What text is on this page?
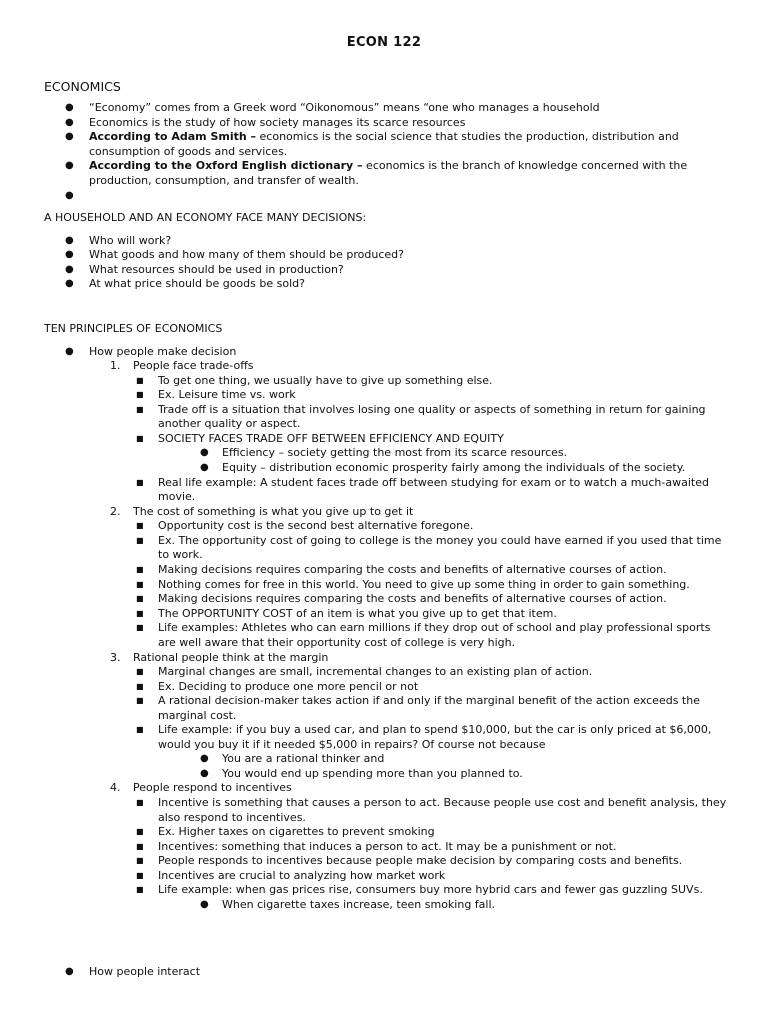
ECON 122
ECONOMICS
● “Economy” comes from a Greek word “Oikonomous” means “one who manages a household
● Economics is the study of how society manages its scarce resources
● According to Adam Smith – economics is the social science that studies the production, distribution and
consumption of goods and services.
● According to the Oxford English dictionary – economics is the branch of knowledge concerned with the
production, consumption, and transfer of wealth.
●
A HOUSEHOLD AND AN ECONOMY FACE MANY DECISIONS:
● Who will work?
● What goods and how many of them should be produced?
● What resources should be used in production?
● At what price should be goods be sold?
TEN PRINCIPLES OF ECONOMICS
● How people make decision
1. People face trade-offs
■ To get one thing, we usually have to give up something else.
■ Ex. Leisure time vs. work
■ Trade off is a situation that involves losing one quality or aspects of something in return for gaining
another quality or aspect.
■ SOCIETY FACES TRADE OFF BETWEEN EFFICIENCY AND EQUITY
● Efficiency – society getting the most from its scarce resources.
● Equity – distribution economic prosperity fairly among the individuals of the society.
■ Real life example: A student faces trade off between studying for exam or to watch a much-awaited
movie.
2. The cost of something is what you give up to get it
■ Opportunity cost is the second best alternative foregone.
■ Ex. The opportunity cost of going to college is the money you could have earned if you used that time
to work.
■ Making decisions requires comparing the costs and benefits of alternative courses of action.
■ Nothing comes for free in this world. You need to give up some thing in order to gain something.
■ Making decisions requires comparing the costs and benefits of alternative courses of action.
■ The OPPORTUNITY COST of an item is what you give up to get that item.
■ Life examples: Athletes who can earn millions if they drop out of school and play professional sports
are well aware that their opportunity cost of college is very high.
3. Rational people think at the margin
■ Marginal changes are small, incremental changes to an existing plan of action.
■ Ex. Deciding to produce one more pencil or not
■ A rational decision-maker takes action if and only if the marginal benefit of the action exceeds the
marginal cost.
■ Life example: if you buy a used car, and plan to spend $10,000, but the car is only priced at $6,000,
would you buy it if it needed $5,000 in repairs? Of course not because
● You are a rational thinker and
● You would end up spending more than you planned to.
4. People respond to incentives
■ Incentive is something that causes a person to act. Because people use cost and benefit analysis, they
also respond to incentives.
■ Ex. Higher taxes on cigarettes to prevent smoking
■ Incentives: something that induces a person to act. It may be a punishment or not.
■ People responds to incentives because people make decision by comparing costs and benefits.
■ Incentives are crucial to analyzing how market work
■ Life example: when gas prices rise, consumers buy more hybrid cars and fewer gas guzzling SUVs.
● When cigarette taxes increase, teen smoking fall.
● How people interact
